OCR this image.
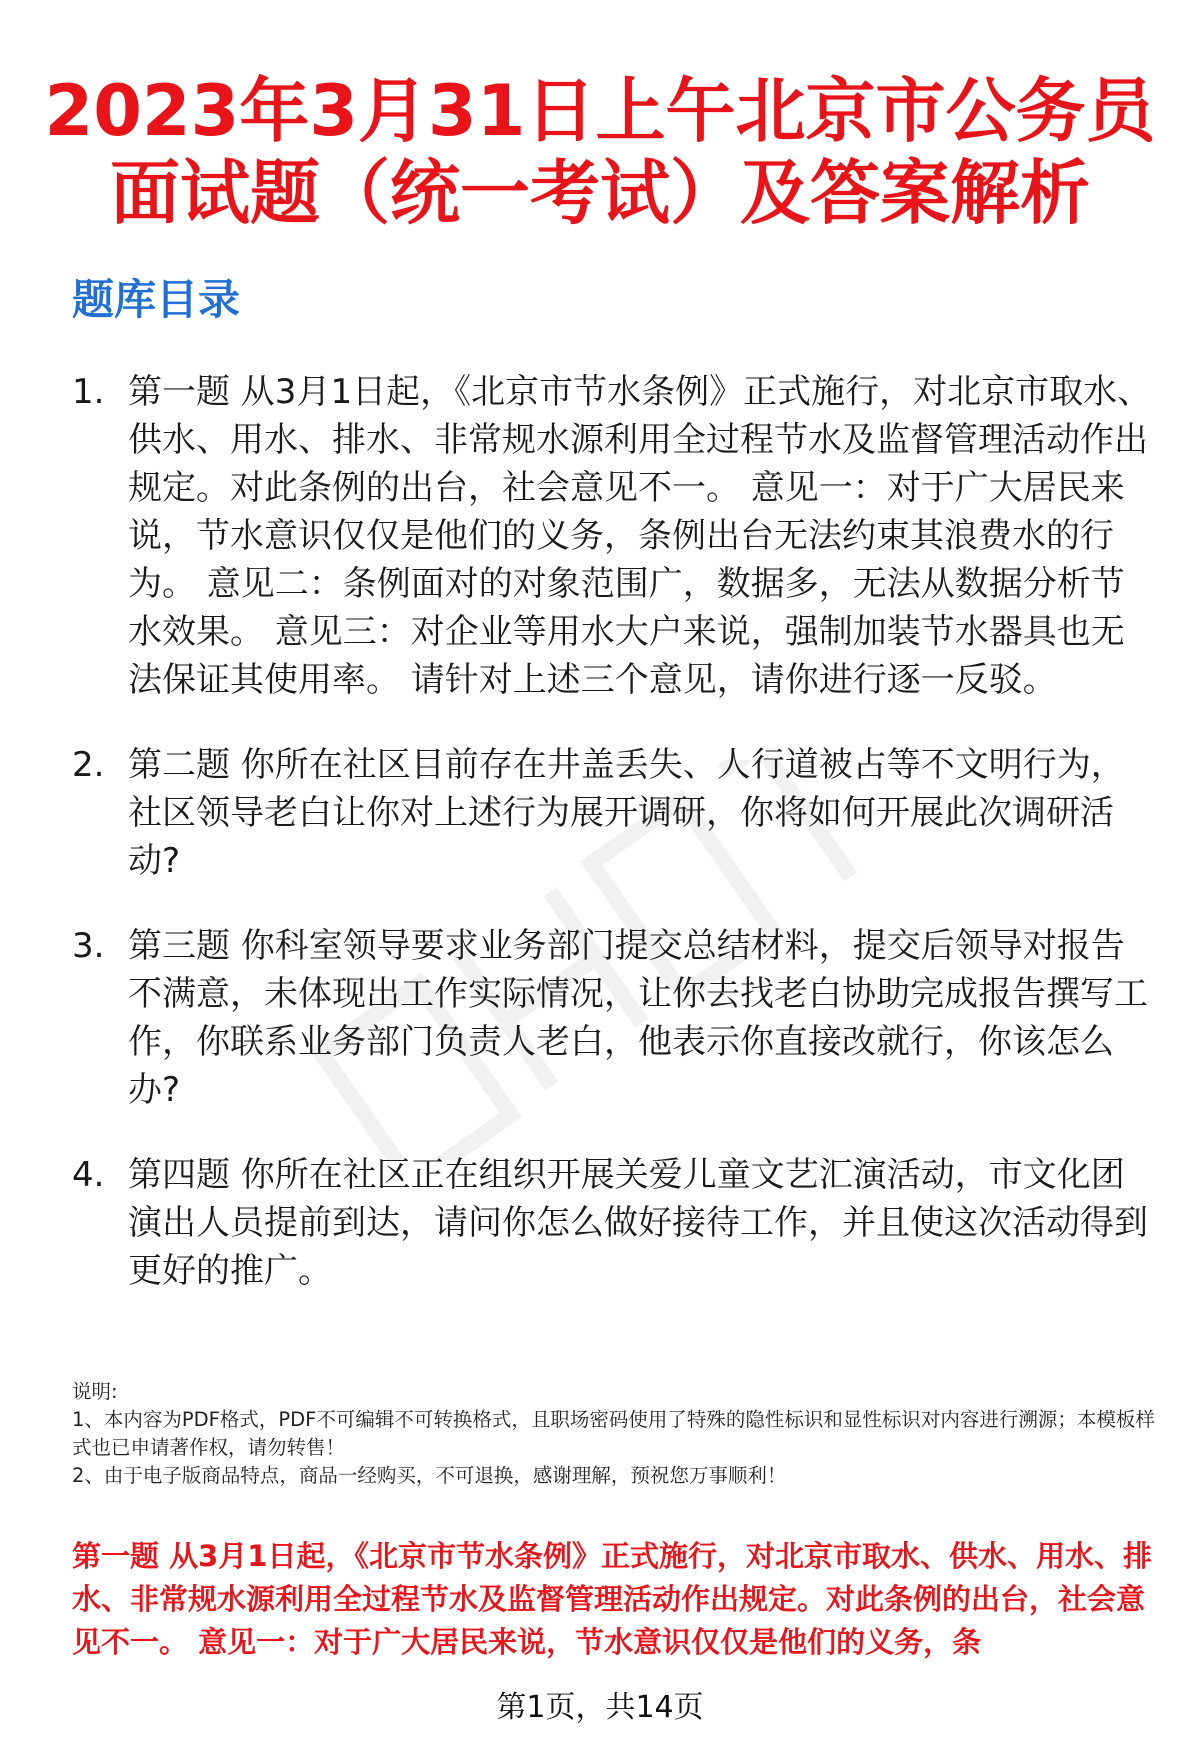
2023年3月31日上午北京市公务员面试题（统一考试）及答案解析
题库目录
1. 第一题 从3月1日起，《北京市节水条例》正式施行，对北京市取水、供水、用水、排水、非常规水源利用全过程节水及监督管理活动作出规定。对此条例的出台，社会意见不一。 意见一：对于广大居民来说，节水意识仅仅是他们的义务，条例出台无法约束其浪费水的行为。 意见二：条例面对的对象范围广，数据多，无法从数据分析节水效果。 意见三：对企业等用水大户来说，强制加装节水器具也无法保证其使用率。 请针对上述三个意见，请你进行逐一反驳。
2. 第二题 你所在社区目前存在井盖丢失、人行道被占等不文明行为，社区领导老白让你对上述行为展开调研，你将如何开展此次调研活动?
3. 第三题 你科室领导要求业务部门提交总结材料，提交后领导对报告不满意，未体现出工作实际情况，让你去找老白协助完成报告撰写工作，你联系业务部门负责人老白，他表示你直接改就行，你该怎么办?
4. 第四题 你所在社区正在组织开展关爱儿童文艺汇演活动，市文化团演出人员提前到达，请问你怎么做好接待工作，并且使这次活动得到更好的推广。

说明:

1、本内容为PDF格式，PDF不可编辑不可转换格式，且职场密码使用了特殊的隐性标识和显性标识对内容进行溯源；本模板样式也已申请著作权，请勿转售！

2、由于电子版商品特点，商品一经购买，不可退换，感谢理解，预祝您万事顺利！

第一题 从3月1日起，《北京市节水条例》正式施行，对北京市取水、供水、用水、排水、非常规水源利用全过程节水及监督管理活动作出规定。对此条例的出台，社会意见不一。 意见一：对于广大居民来说，节水意识仅仅是他们的义务，条

第1页，共14页
